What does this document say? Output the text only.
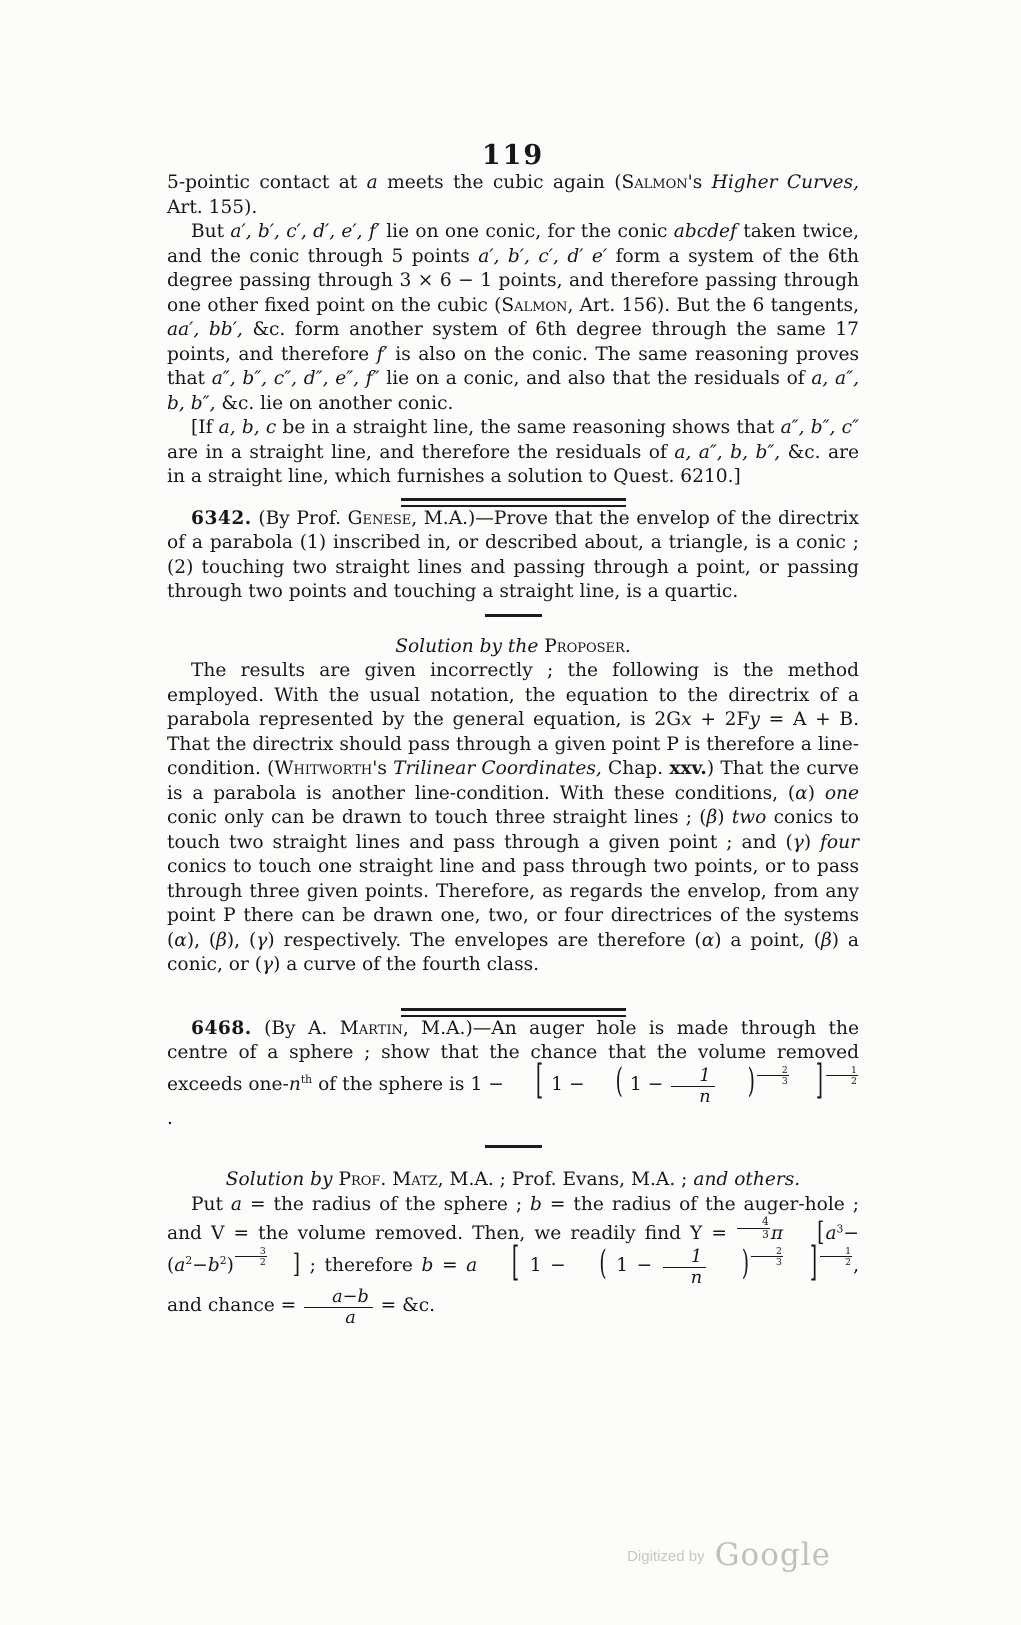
119

5-pointic contact at a meets the cubic again (Salmon's Higher Curves, Art. 155).

But a′, b′, c′, d′, e′, f′ lie on one conic, for the conic abcdef taken twice, and the conic through 5 points a′, b′, c′, d′ e′ form a system of the 6th degree passing through 3 × 6 − 1 points, and therefore passing through one other fixed point on the cubic (Salmon, Art. 156). But the 6 tangents, aa′, bb′, &c. form another system of 6th degree through the same 17 points, and therefore f′ is also on the conic. The same reasoning proves that a″, b″, c″, d″, e″, f″ lie on a conic, and also that the residuals of a, a″, b, b″, &c. lie on another conic.

[If a, b, c be in a straight line, the same reasoning shows that a″, b″, c″ are in a straight line, and therefore the residuals of a, a″, b, b″, &c. are in a straight line, which furnishes a solution to Quest. 6210.]

6342. (By Prof. Genese, M.A.)—Prove that the envelop of the directrix of a parabola (1) inscribed in, or described about, a triangle, is a conic ; (2) touching two straight lines and passing through a point, or passing through two points and touching a straight line, is a quartic.

Solution by the Proposer.

The results are given incorrectly ; the following is the method employed. With the usual notation, the equation to the directrix of a parabola represented by the general equation, is 2Gx + 2Fy = A + B. That the directrix should pass through a given point P is therefore a line-condition. (Whitworth's Trilinear Coordinates, Chap. xxv.) That the curve is a parabola is another line-condition. With these conditions, (α) one conic only can be drawn to touch three straight lines ; (β) two conics to touch two straight lines and pass through a given point ; and (γ) four conics to touch one straight line and pass through two points, or to pass through three given points. Therefore, as regards the envelop, from any point P there can be drawn one, two, or four directrices of the systems (α), (β), (γ) respectively. The envelopes are therefore (α) a point, (β) a conic, or (γ) a curve of the fourth class.

6468. (By A. Martin, M.A.)—An auger hole is made through the centre of a sphere ; show that the chance that the volume removed exceeds one-$n^{th}$ of the sphere is 1 − [ 1 − ( $1 - \frac{1}{n}$ ) $\frac{2}{3}$ ] $\frac{1}{2}$
.

Solution by Prof. Matz, M.A. ; Prof. Evans, M.A. ; and others.

Put a = the radius of the sphere ; b = the radius of the auger-hole ; and V = the volume removed. Then, we readily find $Y = \frac{4}{3}$ π [$a^3-(a^2-b^2) \frac{3}{2}$ ] ; therefore b = a [ 1 − ( $1 - \frac{1}{n}$ ) $\frac{2}{3}$ ] $\frac{1}{2}$ , and chance = $\frac{a-b}{a}$ = &c.

Digitized by Google
